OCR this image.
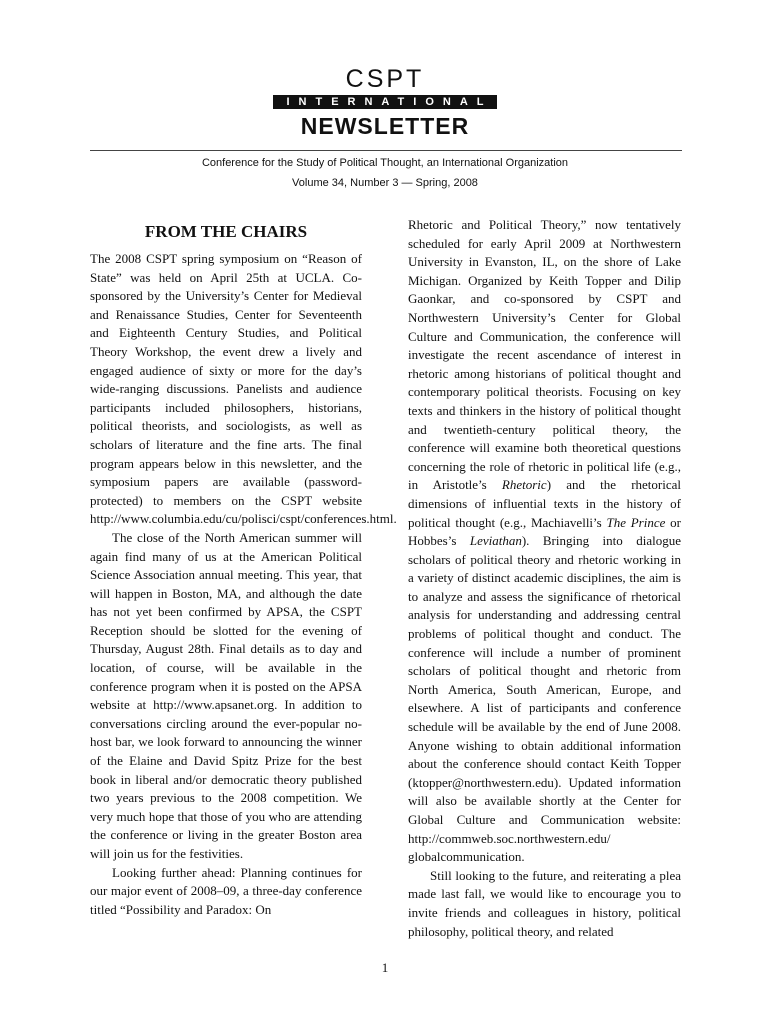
CSPT
INTERNATIONAL
NEWSLETTER
Conference for the Study of Political Thought, an International Organization
Volume 34, Number 3 — Spring, 2008
FROM THE CHAIRS

The 2008 CSPT spring symposium on “Reason of State” was held on April 25th at UCLA. Co-sponsored by the University’s Center for Medieval and Renaissance Studies, Center for Seventeenth and Eighteenth Century Studies, and Political Theory Workshop, the event drew a lively and engaged audience of sixty or more for the day’s wide-ranging discussions. Panelists and audience participants included philosophers, historians, political theorists, and sociologists, as well as scholars of literature and the fine arts. The final program appears below in this newsletter, and the symposium papers are available (password-protected) to members on the CSPT website http://www.columbia.edu/cu/polisci/cspt/conferences.html.

The close of the North American summer will again find many of us at the American Political Science Association annual meeting. This year, that will happen in Boston, MA, and although the date has not yet been confirmed by APSA, the CSPT Reception should be slotted for the evening of Thursday, August 28th. Final details as to day and location, of course, will be available in the conference program when it is posted on the APSA website at http://www.apsanet.org. In addition to conversations circling around the ever-popular no-host bar, we look forward to announcing the winner of the Elaine and David Spitz Prize for the best book in liberal and/or democratic theory published two years previous to the 2008 competition. We very much hope that those of you who are attending the conference or living in the greater Boston area will join us for the festivities.

Looking further ahead: Planning continues for our major event of 2008–09, a three-day conference titled “Possibility and Paradox: On

Rhetoric and Political Theory,” now tentatively scheduled for early April 2009 at Northwestern University in Evanston, IL, on the shore of Lake Michigan. Organized by Keith Topper and Dilip Gaonkar, and co-sponsored by CSPT and Northwestern University’s Center for Global Culture and Communication, the conference will investigate the recent ascendance of interest in rhetoric among historians of political thought and contemporary political theorists. Focusing on key texts and thinkers in the history of political thought and twentieth-century political theory, the conference will examine both theoretical questions concerning the role of rhetoric in political life (e.g., in Aristotle’s Rhetoric) and the rhetorical dimensions of influential texts in the history of political thought (e.g., Machiavelli’s The Prince or Hobbes’s Leviathan). Bringing into dialogue scholars of political theory and rhetoric working in a variety of distinct academic disciplines, the aim is to analyze and assess the significance of rhetorical analysis for understanding and addressing central problems of political thought and conduct. The conference will include a number of prominent scholars of political thought and rhetoric from North America, South American, Europe, and elsewhere. A list of participants and conference schedule will be available by the end of June 2008. Anyone wishing to obtain additional information about the conference should contact Keith Topper (ktopper@northwestern.edu). Updated information will also be available shortly at the Center for Global Culture and Communication website: http://commweb.soc.northwestern.edu/ globalcommunication.

Still looking to the future, and reiterating a plea made last fall, we would like to encourage you to invite friends and colleagues in history, political philosophy, political theory, and related

1
